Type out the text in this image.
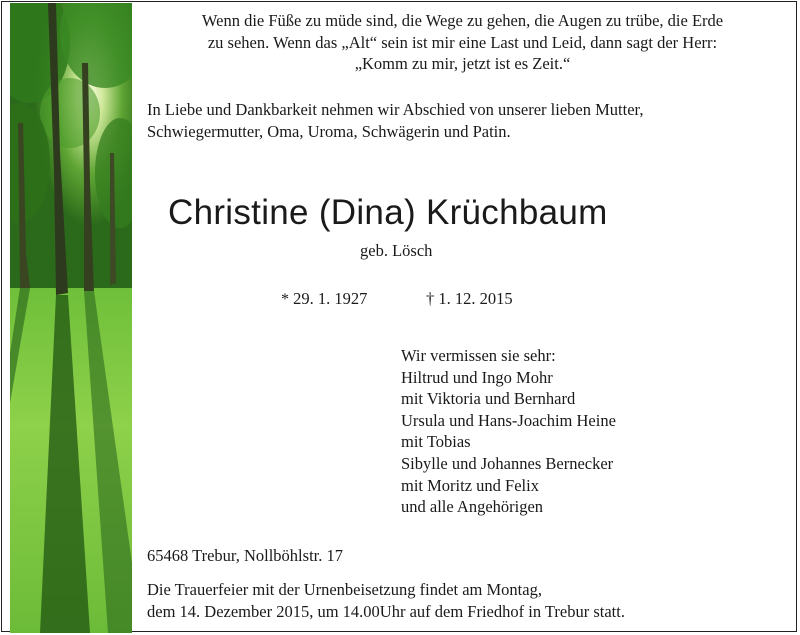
Wenn die Füße zu müde sind, die Wege zu gehen, die Augen zu trübe, die Erde
zu sehen. Wenn das „Alt“ sein ist mir eine Last und Leid, dann sagt der Herr:
„Komm zu mir, jetzt ist es Zeit.“
In Liebe und Dankbarkeit nehmen wir Abschied von unserer lieben Mutter,
Schwiegermutter, Oma, Uroma, Schwägerin und Patin.
Christine (Dina) Krüchbaum
geb. Lösch
* 29. 1. 1927	† 1. 12. 2015
Wir vermissen sie sehr:
Hiltrud und Ingo Mohr
mit Viktoria und Bernhard
Ursula und Hans-Joachim Heine
mit Tobias
Sibylle und Johannes Bernecker
mit Moritz und Felix
und alle Angehörigen
65468 Trebur, Nollböhlstr. 17
Die Trauerfeier mit der Urnenbeisetzung findet am Montag,
dem 14. Dezember 2015, um 14.00Uhr auf dem Friedhof in Trebur statt.
